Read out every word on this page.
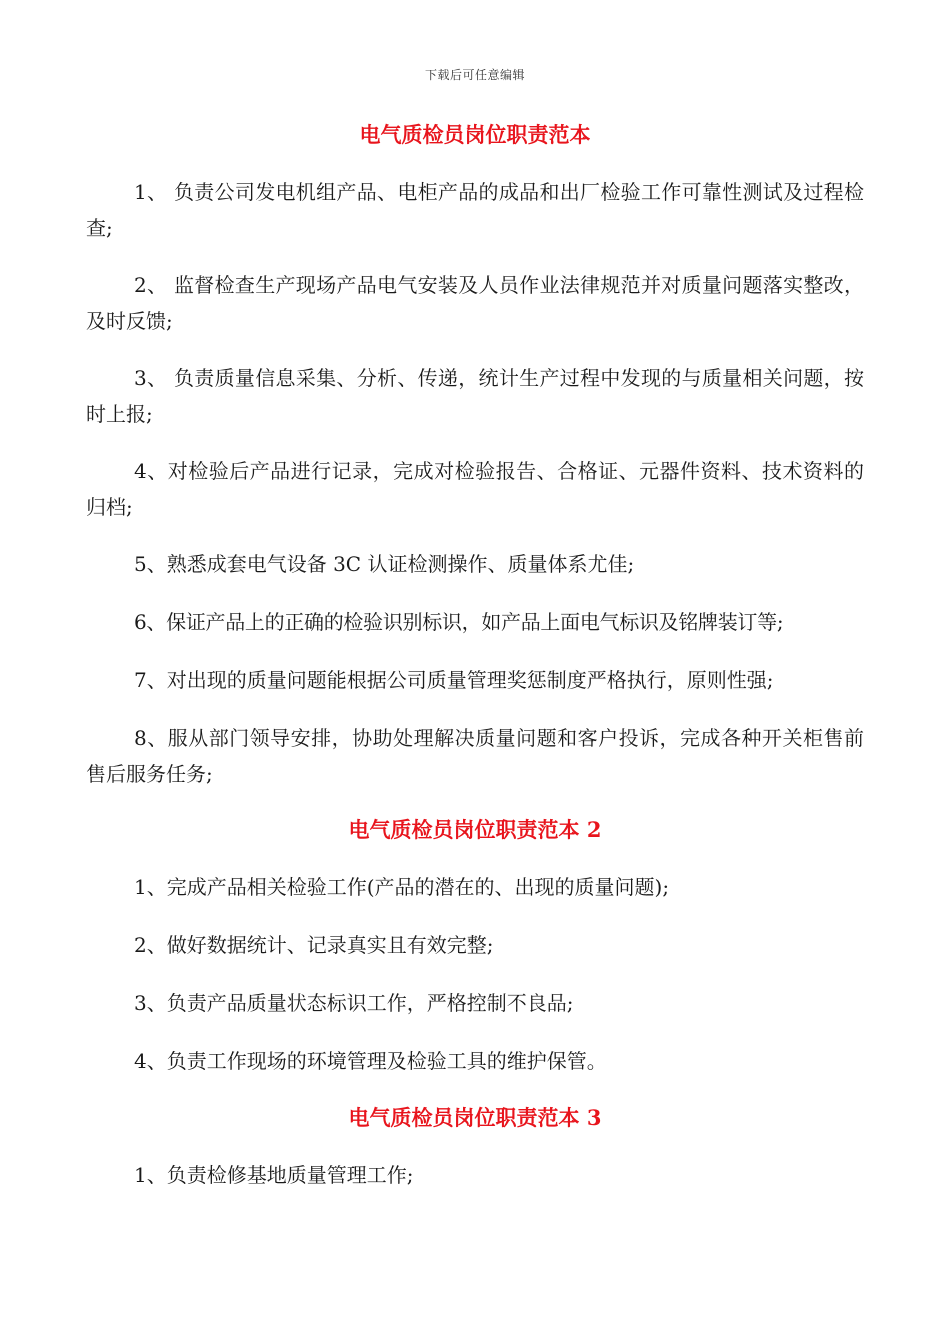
下载后可任意编辑
电气质检员岗位职责范本

1、 负责公司发电机组产品、电柜产品的成品和出厂检验工作可靠性测试及过程检查;

2、 监督检查生产现场产品电气安装及人员作业法律规范并对质量问题落实整改，及时反馈;

3、 负责质量信息采集、分析、传递，统计生产过程中发现的与质量相关问题，按时上报;

4、对检验后产品进行记录，完成对检验报告、合格证、元器件资料、技术资料的归档;

5、熟悉成套电气设备 3C 认证检测操作、质量体系尤佳;

6、保证产品上的正确的检验识别标识，如产品上面电气标识及铭牌装订等;

7、对出现的质量问题能根据公司质量管理奖惩制度严格执行，原则性强;

8、服从部门领导安排，协助处理解决质量问题和客户投诉，完成各种开关柜售前售后服务任务;

电气质检员岗位职责范本 2

1、完成产品相关检验工作(产品的潜在的、出现的质量问题);

2、做好数据统计、记录真实且有效完整;

3、负责产品质量状态标识工作，严格控制不良品;

4、负责工作现场的环境管理及检验工具的维护保管。

电气质检员岗位职责范本 3

1、负责检修基地质量管理工作;
